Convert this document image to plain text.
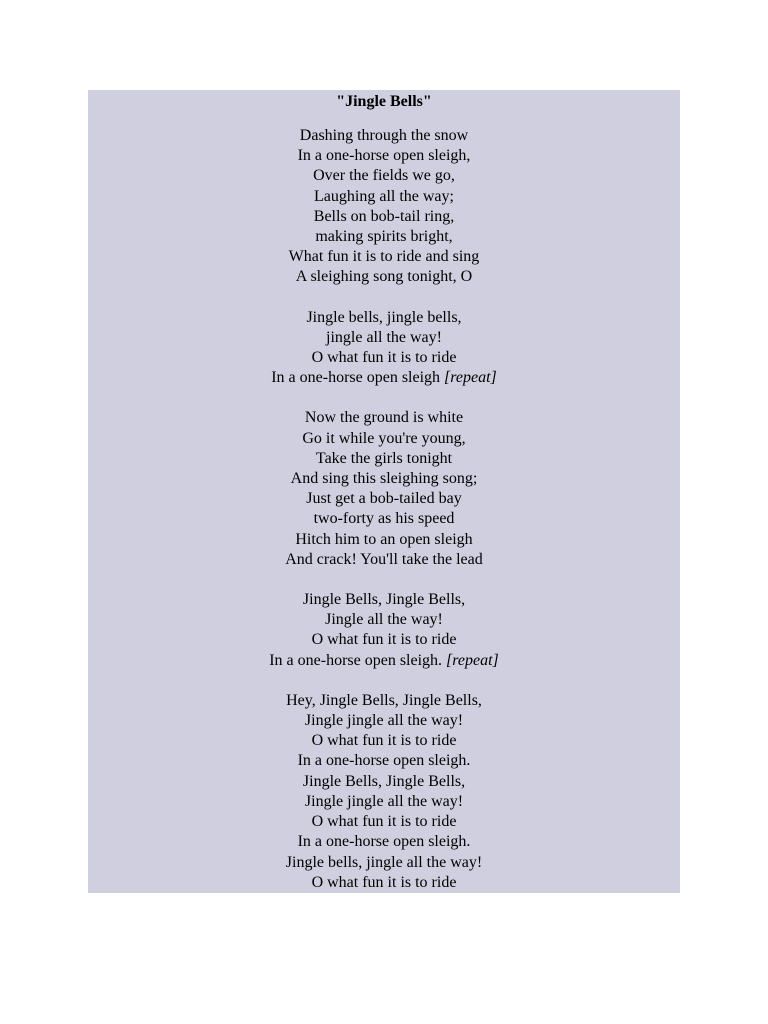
"Jingle Bells"
Dashing through the snow
In a one-horse open sleigh,
Over the fields we go,
Laughing all the way;
Bells on bob-tail ring,
making spirits bright,
What fun it is to ride and sing
A sleighing song tonight, O
Jingle bells, jingle bells,
jingle all the way!
O what fun it is to ride
In a one-horse open sleigh [repeat]
Now the ground is white
Go it while you're young,
Take the girls tonight
And sing this sleighing song;
Just get a bob-tailed bay
two-forty as his speed
Hitch him to an open sleigh
And crack! You'll take the lead
Jingle Bells, Jingle Bells,
Jingle all the way!
O what fun it is to ride
In a one-horse open sleigh. [repeat]
Hey, Jingle Bells, Jingle Bells,
Jingle jingle all the way!
O what fun it is to ride
In a one-horse open sleigh.
Jingle Bells, Jingle Bells,
Jingle jingle all the way!
O what fun it is to ride
In a one-horse open sleigh.
Jingle bells, jingle all the way!
O what fun it is to ride
